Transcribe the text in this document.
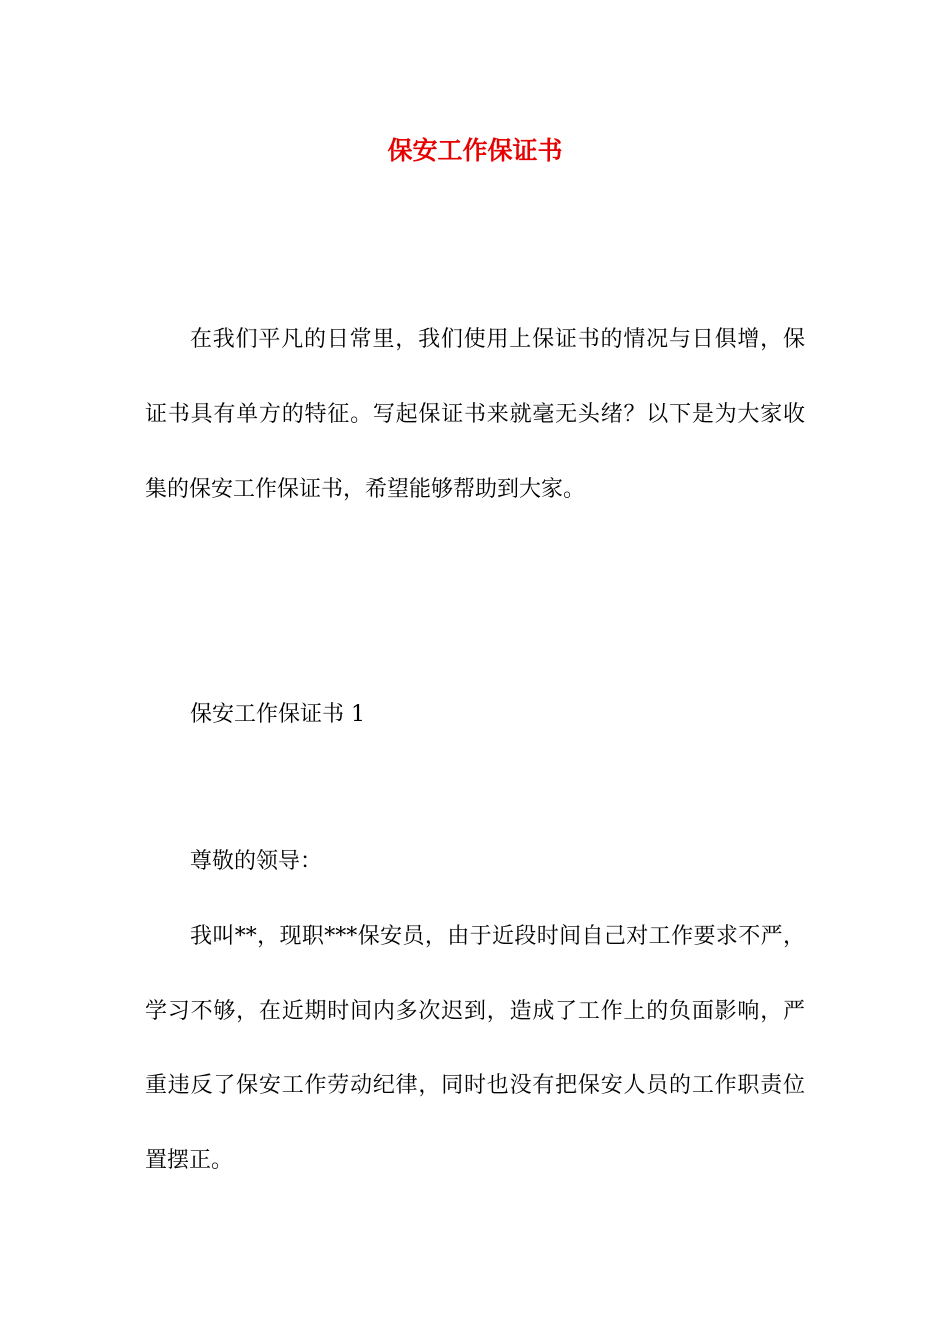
保安工作保证书
在我们平凡的日常里，我们使用上保证书的情况与日俱增，保
证书具有单方的特征。写起保证书来就毫无头绪？以下是为大家收
集的保安工作保证书，希望能够帮助到大家。
保安工作保证书 1
尊敬的领导：
我叫**，现职***保安员，由于近段时间自己对工作要求不严，
学习不够，在近期时间内多次迟到，造成了工作上的负面影响，严
重违反了保安工作劳动纪律，同时也没有把保安人员的工作职责位
置摆正。
